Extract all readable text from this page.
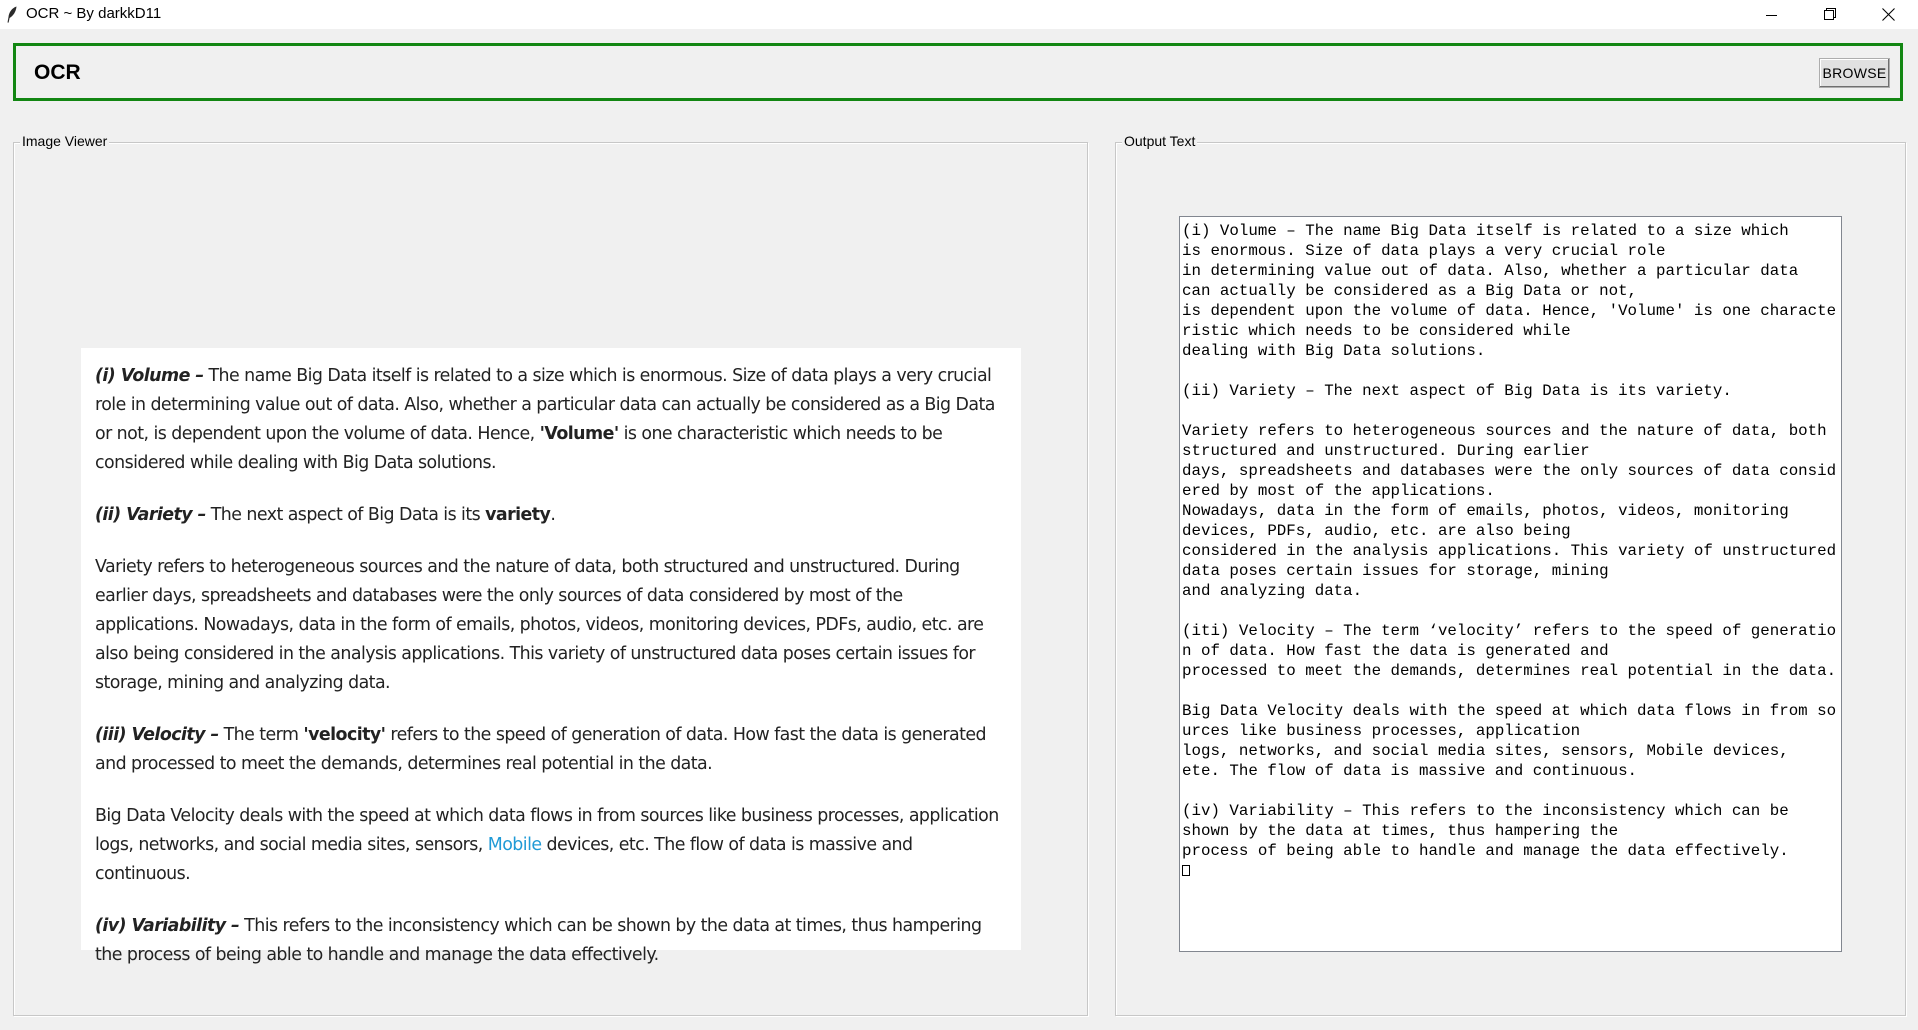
OCR ~ By darkkD11
OCR	BROWSE
Image Viewer

(i) Volume – The name Big Data itself is related to a size which is enormous. Size of data plays a very crucial role in determining value out of data. Also, whether a particular data can actually be considered as a Big Data or not, is dependent upon the volume of data. Hence, 'Volume' is one characteristic which needs to be considered while dealing with Big Data solutions.

(ii) Variety – The next aspect of Big Data is its variety.

Variety refers to heterogeneous sources and the nature of data, both structured and unstructured. During earlier days, spreadsheets and databases were the only sources of data considered by most of the applications. Nowadays, data in the form of emails, photos, videos, monitoring devices, PDFs, audio, etc. are also being considered in the analysis applications. This variety of unstructured data poses certain issues for storage, mining and analyzing data.

(iii) Velocity – The term 'velocity' refers to the speed of generation of data. How fast the data is generated and processed to meet the demands, determines real potential in the data.

Big Data Velocity deals with the speed at which data flows in from sources like business processes, application logs, networks, and social media sites, sensors, Mobile devices, etc. The flow of data is massive and continuous.

(iv) Variability – This refers to the inconsistency which can be shown by the data at times, thus hampering the process of being able to handle and manage the data effectively.

Output Text
(i) Volume – The name Big Data itself is related to a size which
is enormous. Size of data plays a very crucial role
in determining value out of data. Also, whether a particular data
can actually be considered as a Big Data or not,
is dependent upon the volume of data. Hence, 'Volume' is one characteristic which needs to be considered while
dealing with Big Data solutions.

(ii) Variety – The next aspect of Big Data is its variety.

Variety refers to heterogeneous sources and the nature of data, both structured and unstructured. During earlier
days, spreadsheets and databases were the only sources of data considered by most of the applications.
Nowadays, data in the form of emails, photos, videos, monitoring
devices, PDFs, audio, etc. are also being
considered in the analysis applications. This variety of unstructured data poses certain issues for storage, mining
and analyzing data.

(iti) Velocity – The term ‘velocity’ refers to the speed of generation of data. How fast the data is generated and
processed to meet the demands, determines real potential in the data.

Big Data Velocity deals with the speed at which data flows in from sources like business processes, application
logs, networks, and social media sites, sensors, Mobile devices,
ete. The flow of data is massive and continuous.

(iv) Variability – This refers to the inconsistency which can be
shown by the data at times, thus hampering the
process of being able to handle and manage the data effectively.
